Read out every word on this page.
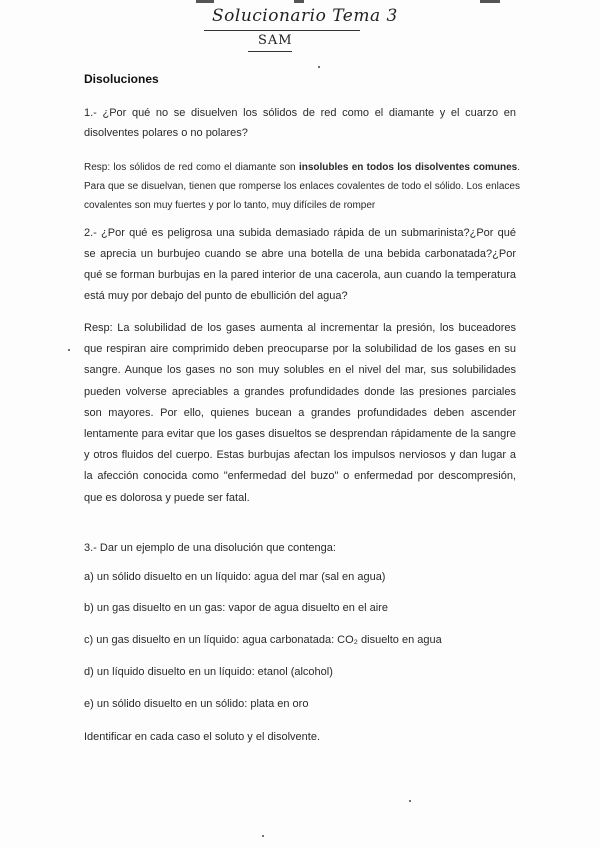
Solucionario Tema 3
SAM
Disoluciones

1.- ¿Por qué no se disuelven los sólidos de red como el diamante y el cuarzo en disolventes polares o no polares?

Resp: los sólidos de red como el diamante son insolubles en todos los disolventes comunes. Para que se disuelvan, tienen que romperse los enlaces covalentes de todo el sólido. Los enlaces covalentes son muy fuertes y por lo tanto, muy difíciles de romper

2.- ¿Por qué es peligrosa una subida demasiado rápida de un submarinista?¿Por qué se aprecia un burbujeo cuando se abre una botella de una bebida carbonatada?¿Por qué se forman burbujas en la pared interior de una cacerola, aun cuando la temperatura está muy por debajo del punto de ebullición del agua?

Resp: La solubilidad de los gases aumenta al incrementar la presión, los buceadores que respiran aire comprimido deben preocuparse por la solubilidad de los gases en su sangre. Aunque los gases no son muy solubles en el nivel del mar, sus solubilidades pueden volverse apreciables a grandes profundidades donde las presiones parciales son mayores. Por ello, quienes bucean a grandes profundidades deben ascender lentamente para evitar que los gases disueltos se desprendan rápidamente de la sangre y otros fluidos del cuerpo. Estas burbujas afectan los impulsos nerviosos y dan lugar a la afección conocida como "enfermedad del buzo" o enfermedad por descompresión, que es dolorosa y puede ser fatal.

3.- Dar un ejemplo de una disolución que contenga:

a) un sólido disuelto en un líquido: agua del mar (sal en agua)

b) un gas disuelto en un gas: vapor de agua disuelto en el aire

c) un gas disuelto en un líquido: agua carbonatada: CO₂ disuelto en agua

d) un líquido disuelto en un líquido: etanol (alcohol)

e) un sólido disuelto en un sólido: plata en oro

Identificar en cada caso el soluto y el disolvente.
